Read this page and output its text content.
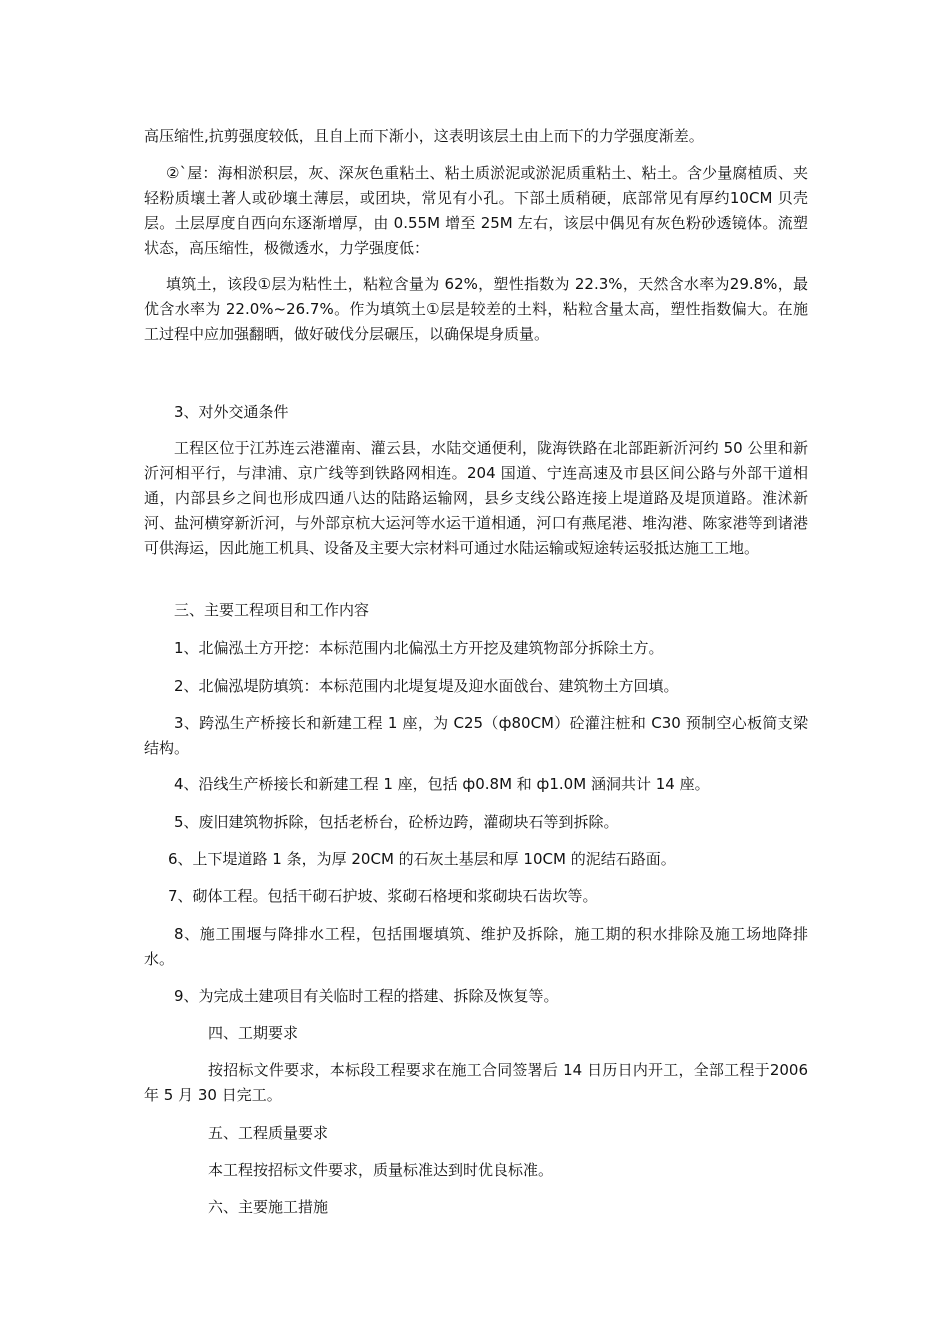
高压缩性,抗剪强度较低，且自上而下渐小，这表明该层土由上而下的力学强度渐差。

②`屋：海相淤积层，灰、深灰色重粘土、粘土质淤泥或淤泥质重粘土、粘土。含少量腐植质、夹轻粉质壤土著人或砂壤土薄层，或团块，常见有小孔。下部土质稍硬，底部常见有厚约10CM 贝壳层。土层厚度自西向东逐渐增厚，由 0.55M 增至 25M 左右，该层中偶见有灰色粉砂透镜体。流塑状态，高压缩性，极微透水，力学强度低：

填筑土，该段①层为粘性土，粘粒含量为 62%，塑性指数为 22.3%，天然含水率为29.8%，最优含水率为 22.0%~26.7%。作为填筑土①层是较差的土料，粘粒含量太高，塑性指数偏大。在施工过程中应加强翻晒，做好破伐分层碾压，以确保堤身质量。

3、对外交通条件

工程区位于江苏连云港灌南、灌云县，水陆交通便利，陇海铁路在北部距新沂河约 50 公里和新沂河相平行，与津浦、京广线等到铁路网相连。204 国道、宁连高速及市县区间公路与外部干道相通，内部县乡之间也形成四通八达的陆路运输网，县乡支线公路连接上堤道路及堤顶道路。淮沭新河、盐河横穿新沂河，与外部京杭大运河等水运干道相通，河口有燕尾港、堆沟港、陈家港等到诸港可供海运，因此施工机具、设备及主要大宗材料可通过水陆运输或短途转运驳抵达施工工地。

三、主要工程项目和工作内容

1、北偏泓土方开挖：本标范围内北偏泓土方开挖及建筑物部分拆除土方。

2、北偏泓堤防填筑：本标范围内北堤复堤及迎水面戗台、建筑物土方回填。

3、跨泓生产桥接长和新建工程 1 座，为 C25（ф80CM）砼灌注桩和 C30 预制空心板简支梁结构。

4、沿线生产桥接长和新建工程 1 座，包括 ф0.8M 和 ф1.0M 涵洞共计 14 座。

5、废旧建筑物拆除，包括老桥台，砼桥边跨，灌砌块石等到拆除。

6、上下堤道路 1 条，为厚 20CM 的石灰土基层和厚 10CM 的泥结石路面。

7、砌体工程。包括干砌石护坡、浆砌石格埂和浆砌块石齿坎等。

8、施工围堰与降排水工程，包括围堰填筑、维护及拆除，施工期的积水排除及施工场地降排水。

9、为完成土建项目有关临时工程的搭建、拆除及恢复等。

四、工期要求

按招标文件要求，本标段工程要求在施工合同签署后 14 日历日内开工，全部工程于2006 年 5 月 30 日完工。

五、工程质量要求

本工程按招标文件要求，质量标准达到时优良标准。

六、主要施工措施
